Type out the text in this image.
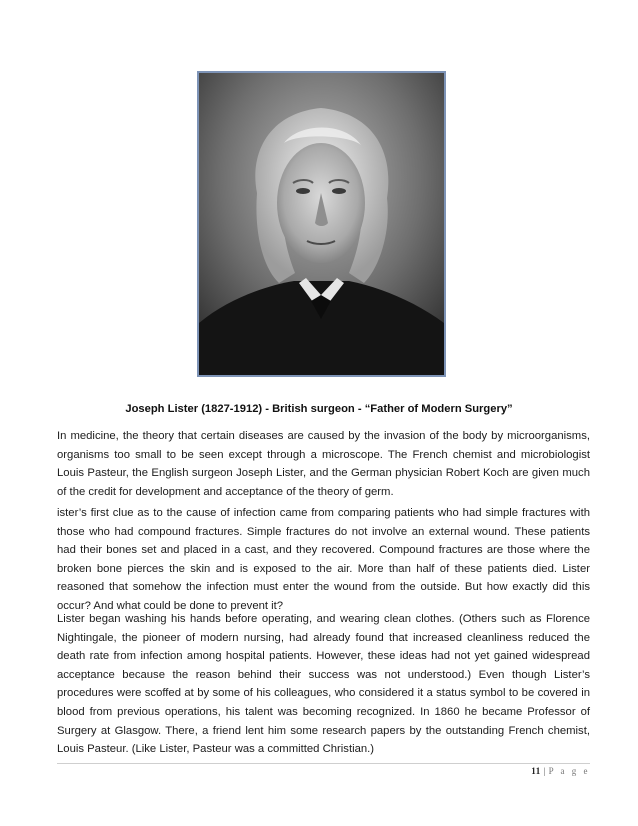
Joseph Lister (1827-1912) - British surgeon - “Father of Modern Surgery”

In medicine, the theory that certain diseases are caused by the invasion of the body by microorganisms, organisms too small to be seen except through a microscope. The French chemist and microbiologist Louis Pasteur, the English surgeon Joseph Lister, and the German physician Robert Koch are given much of the credit for development and acceptance of the theory of germ.

ister’s first clue as to the cause of infection came from comparing patients who had simple fractures with those who had compound fractures. Simple fractures do not involve an external wound. These patients had their bones set and placed in a cast, and they recovered. Compound fractures are those where the broken bone pierces the skin and is exposed to the air. More than half of these patients died. Lister reasoned that somehow the infection must enter the wound from the outside. But how exactly did this occur? And what could be done to prevent it?

Lister began washing his hands before operating, and wearing clean clothes. (Others such as Florence Nightingale, the pioneer of modern nursing, had already found that increased cleanliness reduced the death rate from infection among hospital patients. However, these ideas had not yet gained widespread acceptance because the reason behind their success was not understood.) Even though Lister’s procedures were scoffed at by some of his colleagues, who considered it a status symbol to be covered in blood from previous operations, his talent was becoming recognized. In 1860 he became Professor of Surgery at Glasgow. There, a friend lent him some research papers by the outstanding French chemist, Louis Pasteur. (Like Lister, Pasteur was a committed Christian.)

11 | P a g e
